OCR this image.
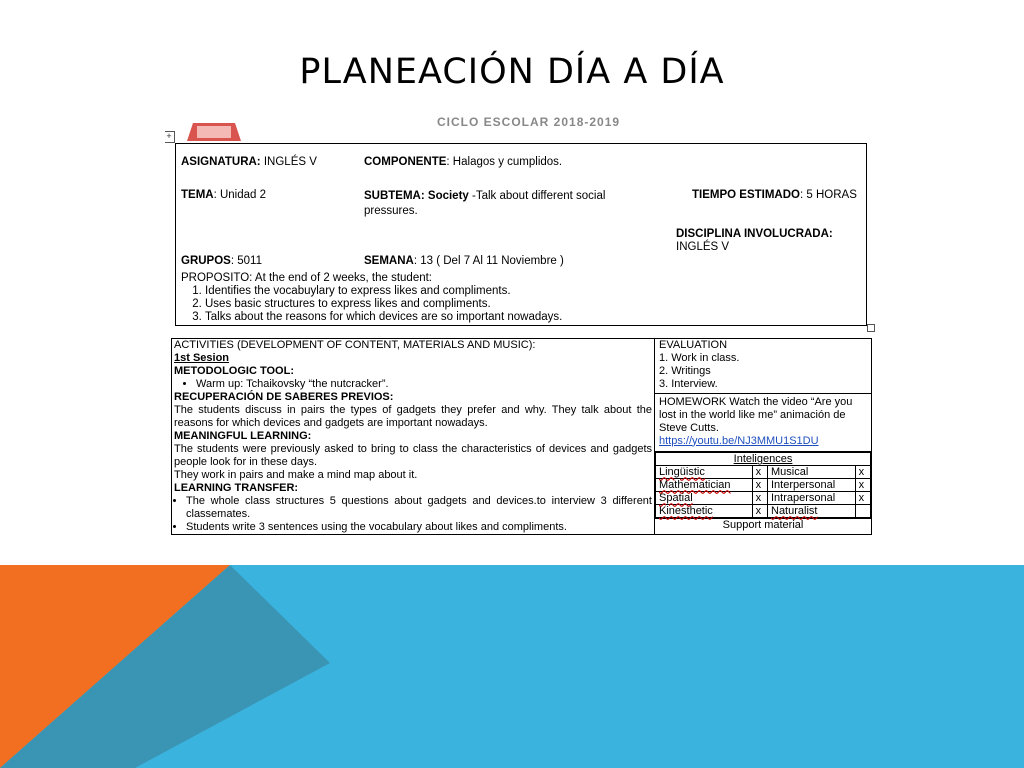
PLANEACIÓN DÍA A DÍA
CICLO ESCOLAR 2018-2019
+
ASIGNATURA: INGLÉS V	COMPONENTE: Halagos y cumplidos.
TEMA: Unidad 2	SUBTEMA: Society -Talk about different social
pressures.
TIEMPO ESTIMADO: 5 HORAS
DISCIPLINA INVOLUCRADA:
INGLÉS V
GRUPOS: 5011	SEMANA: 13 ( Del 7 Al 11 Noviembre )
PROPOSITO: At the end of 2 weeks, the student:
1. Identifies the vocabuylary to express likes and compliments.
2. Uses basic structures to express likes and compliments.
3. Talks about the reasons for which devices are so important nowadays.
ACTIVITIES (DEVELOPMENT OF CONTENT, MATERIALS AND MUSIC):
1st Sesion
METODOLOGIC TOOL:
• Warm up: Tchaikovsky “the nutcracker”.
RECUPERACIÓN DE SABERES PREVIOS:
The students discuss in pairs the types of gadgets they prefer and why. They talk about the reasons for which devices and gadgets are important nowadays.
MEANINGFUL LEARNING:
The students were previously asked to bring to class the characteristics of devices and gadgets people look for in these days.
They work in pairs and make a mind map about it.
LEARNING TRANSFER:
• The whole class structures 5 questions about gadgets and devices.to interview 3 different classemates.
• Students write 3 sentences using the vocabulary about likes and compliments.

EVALUATION
1. Work in class.
2. Writings
3. Interview.

HOMEWORK Watch the video “Are you lost in the world like me” animación de Steve Cutts.
https://youtu.be/NJ3MMU1S1DU

Inteligences
Lingüistic	x	Musical	x
Mathematician	x	Interpersonal	x
Spatial	x	Intrapersonal	x
Kinesthetic	x	Naturalist	
Support material
